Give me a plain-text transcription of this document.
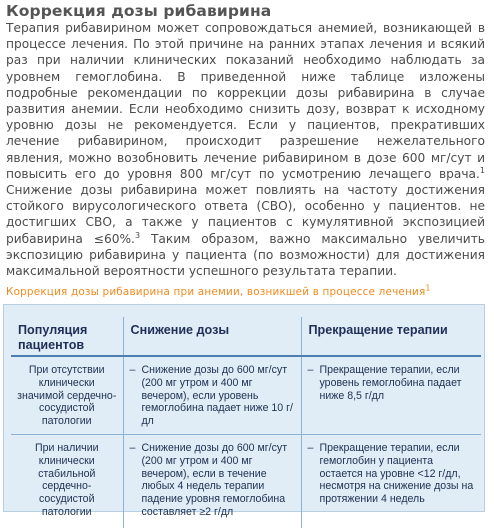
Коррекция дозы рибавирина
Терапия рибавирином может сопровождаться анемией, возникающей в процессе лечения. По этой причине на ранних этапах лечения и всякий раз при наличии клинических показаний необходимо наблюдать за уровнем гемоглобина. В приведенной ниже таблице изложены подробные рекомендации по коррекции дозы рибавирина в случае развития анемии. Если необходимо снизить дозу, возврат к исходному уровню дозы не рекомендуется. Если у пациентов, прекративших лечение рибавирином, происходит разрешение нежелательного явления, можно возобновить лечение рибавирином в дозе 600 мг/сут и повысить его до уровня 800 мг/сут по усмотрению лечащего врача.$^1$ Снижение дозы рибавирина может повлиять на частоту достижения стойкого вирусологического ответа (СВО), особенно у пациентов. не достигших СВО, а также у пациентов с кумулятивной экспозицией рибавирина ≤60%.$^3$ Таким образом, важно максимально увеличить экспозицию рибавирина у пациента (по возможности) для достижения максимальной вероятности успешного результата терапии.
Коррекция дозы рибавирина при анемии, возникшей в процессе лечения$^1$
Популяция пациентов	Снижение дозы	Прекращение терапии
При отсутствии клинически значимой сердечно-сосудистой патологии	– Снижение дозы до 600 мг/сут (200 мг утром и 400 мг вечером), если уровень гемоглобина падает ниже 10 г/дл	– Прекращение терапии, если уровень гемоглобина падает ниже 8,5 г/дл

При наличии клинически стабильной сердечно-сосудистой патологии	– Снижение дозы до 600 мг/сут (200 мг утром и 400 мг вечером), если в течение любых 4 недель терапии падение уровня гемоглобина составляет ≥2 г/дл	– Прекращение терапии, если гемоглобин у пациента остается на уровне <12 г/дл, несмотря на снижение дозы на протяжении 4 недель
